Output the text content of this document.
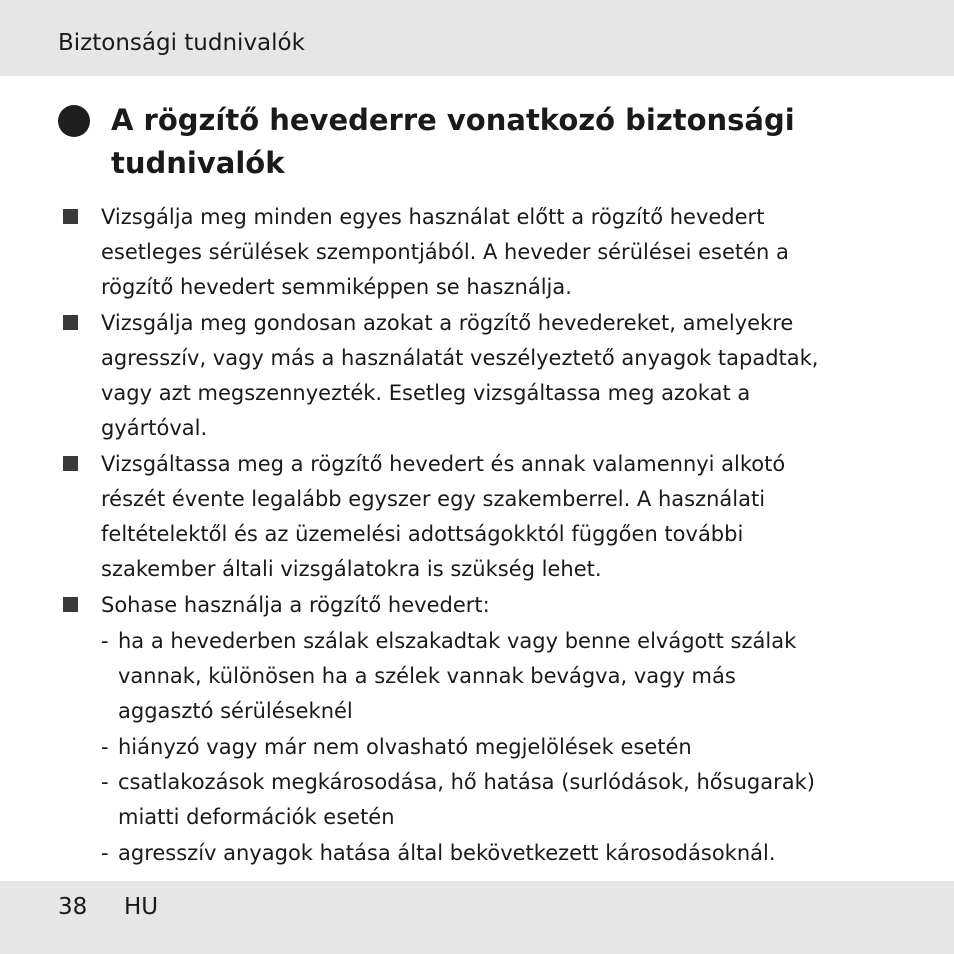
Biztonsági tudnivalók
A rögzítő hevederre vonatkozó biztonsági
tudnivalók
Vizsgálja meg minden egyes használat előtt a rögzítő hevedert
esetleges sérülések szempontjából. A heveder sérülései esetén a
rögzítő hevedert semmiképpen se használja.
Vizsgálja meg gondosan azokat a rögzítő hevedereket, amelyekre
agresszív, vagy más a használatát veszélyeztető anyagok tapadtak,
vagy azt megszennyezték. Esetleg vizsgáltassa meg azokat a
gyártóval.
Vizsgáltassa meg a rögzítő hevedert és annak valamennyi alkotó
részét évente legalább egyszer egy szakemberrel. A használati
feltételektől és az üzemelési adottságokktól függően további
szakember általi vizsgálatokra is szükség lehet.
Sohase használja a rögzítő hevedert:
- ha a hevederben szálak elszakadtak vagy benne elvágott szálak
vannak, különösen ha a szélek vannak bevágva, vagy más
aggasztó sérüléseknél
- hiányzó vagy már nem olvasható megjelölések esetén
- csatlakozások megkárosodása, hő hatása (surlódások, hősugarak)
miatti deformációk esetén
- agresszív anyagok hatása által bekövetkezett károsodásoknál.
38 HU
